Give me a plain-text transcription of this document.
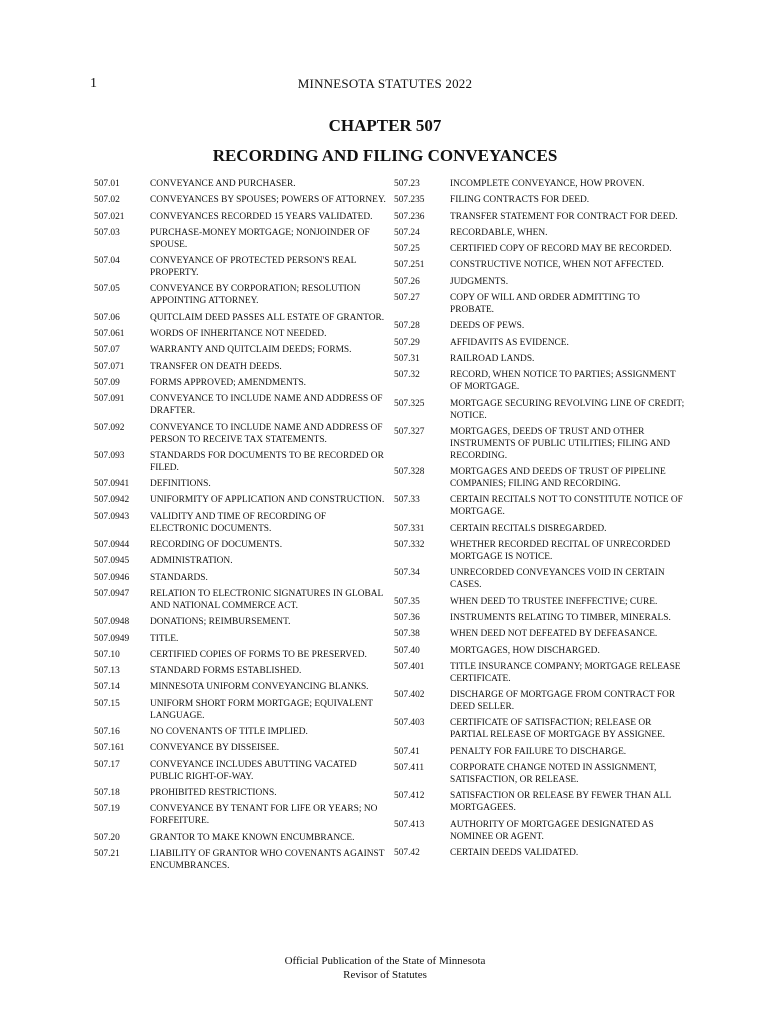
1	MINNESOTA STATUTES 2022
CHAPTER 507
RECORDING AND FILING CONVEYANCES
507.01	CONVEYANCE AND PURCHASER.
507.02	CONVEYANCES BY SPOUSES; POWERS OF ATTORNEY.
507.021	CONVEYANCES RECORDED 15 YEARS VALIDATED.
507.03	PURCHASE-MONEY MORTGAGE; NONJOINDER OF SPOUSE.
507.04	CONVEYANCE OF PROTECTED PERSON'S REAL PROPERTY.
507.05	CONVEYANCE BY CORPORATION; RESOLUTION APPOINTING ATTORNEY.
507.06	QUITCLAIM DEED PASSES ALL ESTATE OF GRANTOR.
507.061	WORDS OF INHERITANCE NOT NEEDED.
507.07	WARRANTY AND QUITCLAIM DEEDS; FORMS.
507.071	TRANSFER ON DEATH DEEDS.
507.09	FORMS APPROVED; AMENDMENTS.
507.091	CONVEYANCE TO INCLUDE NAME AND ADDRESS OF DRAFTER.
507.092	CONVEYANCE TO INCLUDE NAME AND ADDRESS OF PERSON TO RECEIVE TAX STATEMENTS.
507.093	STANDARDS FOR DOCUMENTS TO BE RECORDED OR FILED.
507.0941	DEFINITIONS.
507.0942	UNIFORMITY OF APPLICATION AND CONSTRUCTION.
507.0943	VALIDITY AND TIME OF RECORDING OF ELECTRONIC DOCUMENTS.
507.0944	RECORDING OF DOCUMENTS.
507.0945	ADMINISTRATION.
507.0946	STANDARDS.
507.0947	RELATION TO ELECTRONIC SIGNATURES IN GLOBAL AND NATIONAL COMMERCE ACT.
507.0948	DONATIONS; REIMBURSEMENT.
507.0949	TITLE.
507.10	CERTIFIED COPIES OF FORMS TO BE PRESERVED.
507.13	STANDARD FORMS ESTABLISHED.
507.14	MINNESOTA UNIFORM CONVEYANCING BLANKS.
507.15	UNIFORM SHORT FORM MORTGAGE; EQUIVALENT LANGUAGE.
507.16	NO COVENANTS OF TITLE IMPLIED.
507.161	CONVEYANCE BY DISSEISEE.
507.17	CONVEYANCE INCLUDES ABUTTING VACATED PUBLIC RIGHT-OF-WAY.
507.18	PROHIBITED RESTRICTIONS.
507.19	CONVEYANCE BY TENANT FOR LIFE OR YEARS; NO FORFEITURE.
507.20	GRANTOR TO MAKE KNOWN ENCUMBRANCE.
507.21	LIABILITY OF GRANTOR WHO COVENANTS AGAINST ENCUMBRANCES.
507.23	INCOMPLETE CONVEYANCE, HOW PROVEN.
507.235	FILING CONTRACTS FOR DEED.
507.236	TRANSFER STATEMENT FOR CONTRACT FOR DEED.
507.24	RECORDABLE, WHEN.
507.25	CERTIFIED COPY OF RECORD MAY BE RECORDED.
507.251	CONSTRUCTIVE NOTICE, WHEN NOT AFFECTED.
507.26	JUDGMENTS.
507.27	COPY OF WILL AND ORDER ADMITTING TO PROBATE.
507.28	DEEDS OF PEWS.
507.29	AFFIDAVITS AS EVIDENCE.
507.31	RAILROAD LANDS.
507.32	RECORD, WHEN NOTICE TO PARTIES; ASSIGNMENT OF MORTGAGE.
507.325	MORTGAGE SECURING REVOLVING LINE OF CREDIT; NOTICE.
507.327	MORTGAGES, DEEDS OF TRUST AND OTHER INSTRUMENTS OF PUBLIC UTILITIES; FILING AND RECORDING.
507.328	MORTGAGES AND DEEDS OF TRUST OF PIPELINE COMPANIES; FILING AND RECORDING.
507.33	CERTAIN RECITALS NOT TO CONSTITUTE NOTICE OF MORTGAGE.
507.331	CERTAIN RECITALS DISREGARDED.
507.332	WHETHER RECORDED RECITAL OF UNRECORDED MORTGAGE IS NOTICE.
507.34	UNRECORDED CONVEYANCES VOID IN CERTAIN CASES.
507.35	WHEN DEED TO TRUSTEE INEFFECTIVE; CURE.
507.36	INSTRUMENTS RELATING TO TIMBER, MINERALS.
507.38	WHEN DEED NOT DEFEATED BY DEFEASANCE.
507.40	MORTGAGES, HOW DISCHARGED.
507.401	TITLE INSURANCE COMPANY; MORTGAGE RELEASE CERTIFICATE.
507.402	DISCHARGE OF MORTGAGE FROM CONTRACT FOR DEED SELLER.
507.403	CERTIFICATE OF SATISFACTION; RELEASE OR PARTIAL RELEASE OF MORTGAGE BY ASSIGNEE.
507.41	PENALTY FOR FAILURE TO DISCHARGE.
507.411	CORPORATE CHANGE NOTED IN ASSIGNMENT, SATISFACTION, OR RELEASE.
507.412	SATISFACTION OR RELEASE BY FEWER THAN ALL MORTGAGEES.
507.413	AUTHORITY OF MORTGAGEE DESIGNATED AS NOMINEE OR AGENT.
507.42	CERTAIN DEEDS VALIDATED.
Official Publication of the State of Minnesota
Revisor of Statutes
